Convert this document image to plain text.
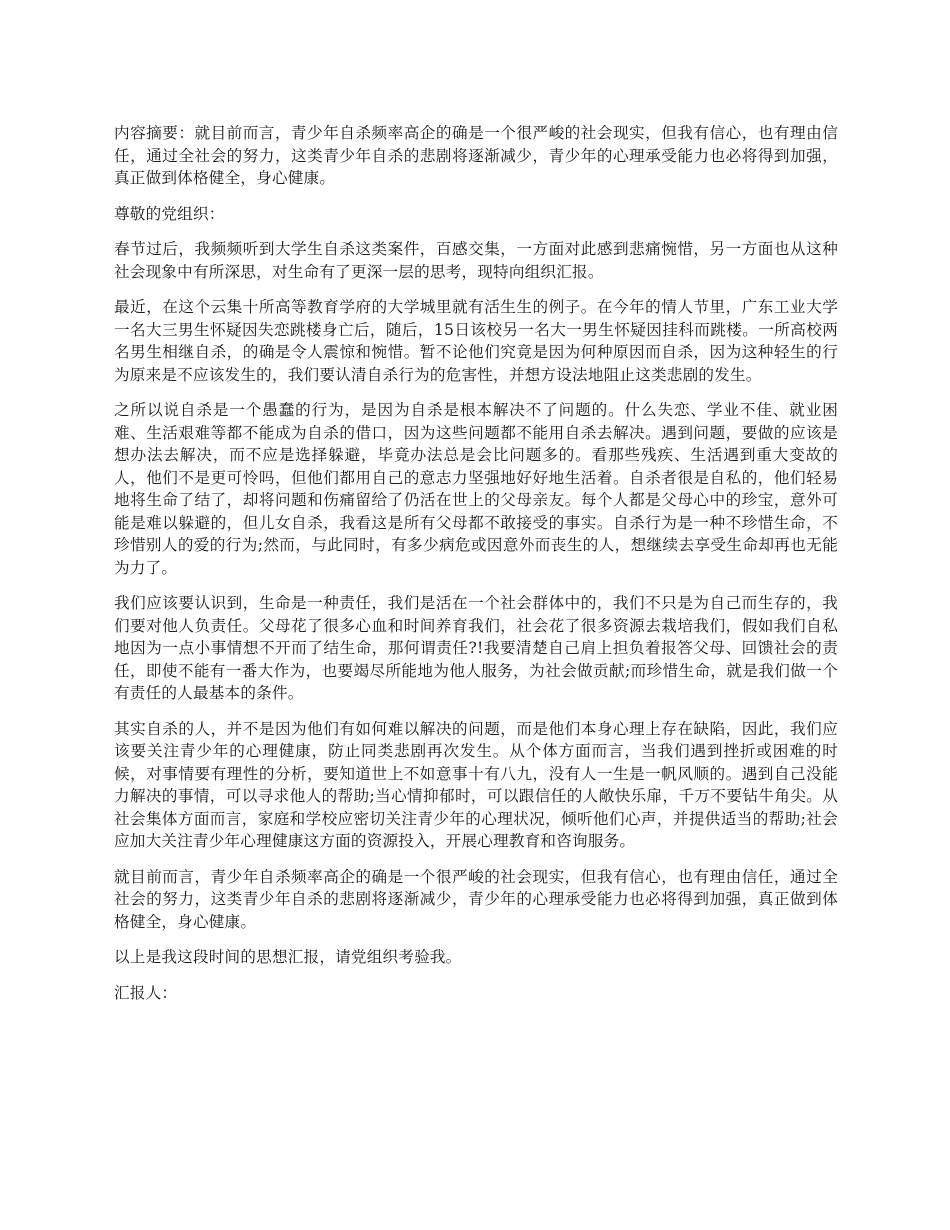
内容摘要：就目前而言，青少年自杀频率高企的确是一个很严峻的社会现实，但我有信心，也有理由信任，通过全社会的努力，这类青少年自杀的悲剧将逐渐减少，青少年的心理承受能力也必将得到加强，真正做到体格健全，身心健康。

尊敬的党组织：

春节过后，我频频听到大学生自杀这类案件，百感交集，一方面对此感到悲痛惋惜，另一方面也从这种社会现象中有所深思，对生命有了更深一层的思考，现特向组织汇报。

最近，在这个云集十所高等教育学府的大学城里就有活生生的例子。在今年的情人节里，广东工业大学一名大三男生怀疑因失恋跳楼身亡后，随后，15日该校另一名大一男生怀疑因挂科而跳楼。一所高校两名男生相继自杀，的确是令人震惊和惋惜。暂不论他们究竟是因为何种原因而自杀，因为这种轻生的行为原来是不应该发生的，我们要认清自杀行为的危害性，并想方设法地阻止这类悲剧的发生。

之所以说自杀是一个愚蠢的行为，是因为自杀是根本解决不了问题的。什么失恋、学业不佳、就业困难、生活艰难等都不能成为自杀的借口，因为这些问题都不能用自杀去解决。遇到问题，要做的应该是想办法去解决，而不应是选择躲避，毕竟办法总是会比问题多的。看那些残疾、生活遇到重大变故的人，他们不是更可怜吗，但他们都用自己的意志力坚强地好好地生活着。自杀者很是自私的，他们轻易地将生命了结了，却将问题和伤痛留给了仍活在世上的父母亲友。每个人都是父母心中的珍宝，意外可能是难以躲避的，但儿女自杀，我看这是所有父母都不敢接受的事实。自杀行为是一种不珍惜生命，不珍惜别人的爱的行为;然而，与此同时，有多少病危或因意外而丧生的人，想继续去享受生命却再也无能为力了。

我们应该要认识到，生命是一种责任，我们是活在一个社会群体中的，我们不只是为自己而生存的，我们要对他人负责任。父母花了很多心血和时间养育我们，社会花了很多资源去栽培我们，假如我们自私地因为一点小事情想不开而了结生命，那何谓责任?!我要清楚自己肩上担负着报答父母、回馈社会的责任，即使不能有一番大作为，也要竭尽所能地为他人服务，为社会做贡献;而珍惜生命，就是我们做一个有责任的人最基本的条件。

其实自杀的人，并不是因为他们有如何难以解决的问题，而是他们本身心理上存在缺陷，因此，我们应该要关注青少年的心理健康，防止同类悲剧再次发生。从个体方面而言，当我们遇到挫折或困难的时候，对事情要有理性的分析，要知道世上不如意事十有八九，没有人一生是一帆风顺的。遇到自己没能力解决的事情，可以寻求他人的帮助;当心情抑郁时，可以跟信任的人敞快乐扉，千万不要钻牛角尖。从社会集体方面而言，家庭和学校应密切关注青少年的心理状况，倾听他们心声，并提供适当的帮助;社会应加大关注青少年心理健康这方面的资源投入，开展心理教育和咨询服务。

就目前而言，青少年自杀频率高企的确是一个很严峻的社会现实，但我有信心，也有理由信任，通过全社会的努力，这类青少年自杀的悲剧将逐渐减少，青少年的心理承受能力也必将得到加强，真正做到体格健全，身心健康。

以上是我这段时间的思想汇报，请党组织考验我。

汇报人：
